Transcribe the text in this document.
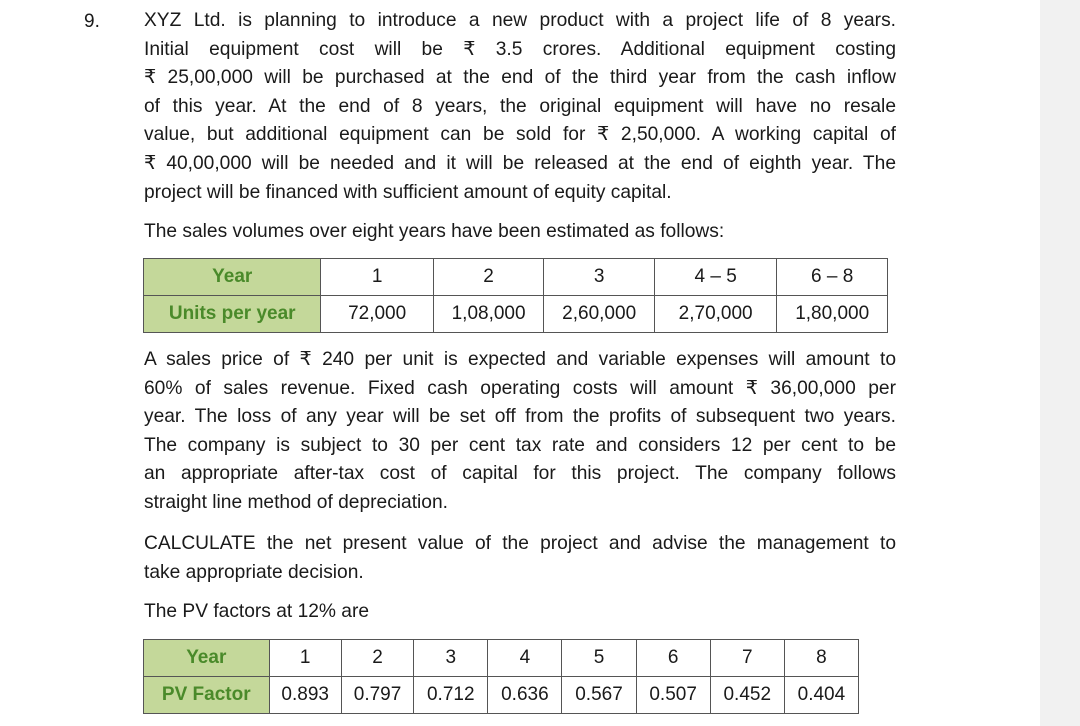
9. XYZ Ltd. is planning to introduce a new product with a project life of 8 years.
Initial equipment cost will be ₹ 3.5 crores. Additional equipment costing
₹ 25,00,000 will be purchased at the end of the third year from the cash inflow
of this year. At the end of 8 years, the original equipment will have no resale
value, but additional equipment can be sold for ₹ 2,50,000. A working capital of
₹ 40,00,000 will be needed and it will be released at the end of eighth year. The
project will be financed with sufficient amount of equity capital.
The sales volumes over eight years have been estimated as follows:
Year	1	2	3	4 – 5	6 – 8
Units per year	72,000	1,08,000	2,60,000	2,70,000	1,80,000
A sales price of ₹ 240 per unit is expected and variable expenses will amount to
60% of sales revenue. Fixed cash operating costs will amount ₹ 36,00,000 per
year. The loss of any year will be set off from the profits of subsequent two years.
The company is subject to 30 per cent tax rate and considers 12 per cent to be
an appropriate after-tax cost of capital for this project. The company follows
straight line method of depreciation.
CALCULATE the net present value of the project and advise the management to
take appropriate decision.
The PV factors at 12% are
Year	1	2	3	4	5	6	7	8
PV Factor	0.893	0.797	0.712	0.636	0.567	0.507	0.452	0.404
